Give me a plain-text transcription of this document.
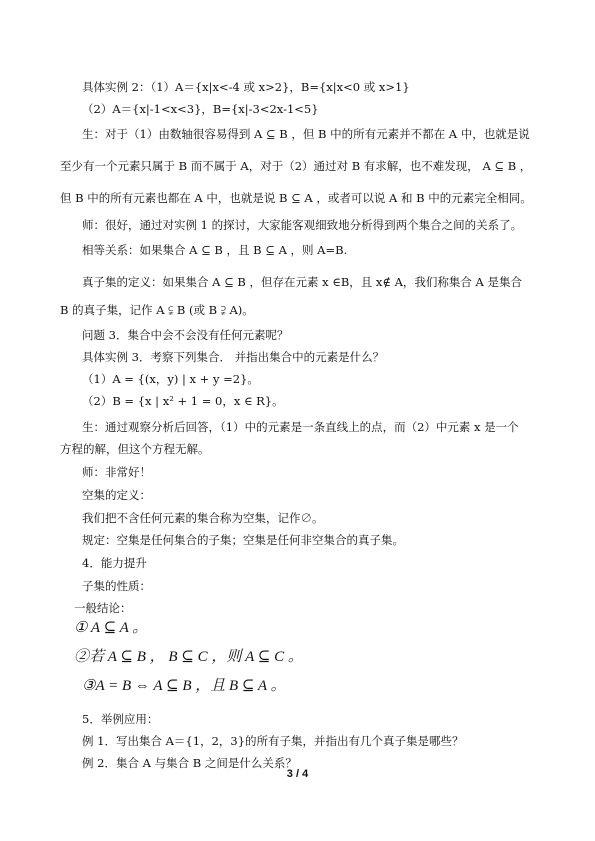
具体实例 2：（1）A＝{x|x<-4 或 x>2}，B={x|x<0 或 x>1}
（2）A＝{x|-1<x<3}，B={x|-3<2x-1<5}
生：对于（1）由数轴很容易得到 A ⊆ B ，但 B 中的所有元素并不都在 A 中，也就是说
至少有一个元素只属于 B 而不属于 A，对于（2）通过对 B 有求解，也不难发现， A ⊆ B ，
但 B 中的所有元素也都在 A 中，也就是说 B ⊆ A ，或者可以说 A 和 B 中的元素完全相同。
师：很好，通过对实例 1 的探讨，大家能客观细致地分析得到两个集合之间的关系了。
相等关系：如果集合 A ⊆ B ，且 B ⊆ A ，则 A=B.
真子集的定义：如果集合 A ⊆ B ，但存在元素 x ∈B，且 x∉ A，我们称集合 A 是集合
B 的真子集，记作 A ⫋ B (或 B ⫌ A)。
问题 3．集合中会不会没有任何元素呢？
具体实例 3．考察下列集合． 并指出集合中的元素是什么？
（1）A = {(x，y) | x + y =2}。
（2）B = {x | x² + 1 = 0，x ∈ R}。
生：通过观察分析后回答，（1）中的元素是一条直线上的点，而（2）中元素 x 是一个
方程的解，但这个方程无解。
师：非常好！
空集的定义：
我们把不含任何元素的集合称为空集，记作∅。
规定：空集是任何集合的子集；空集是任何非空集合的真子集。
4．能力提升
子集的性质：
一般结论：
① A ⊆ A 。
②若 A ⊆ B ， B ⊆ C ，则 A ⊆ C 。
③A = B ⇔ A ⊆ B ，且 B ⊆ A 。
5．举例应用：
例 1．写出集合 A＝{1，2，3}的所有子集，并指出有几个真子集是哪些？
例 2．集合 A 与集合 B 之间是什么关系？
3 / 4
